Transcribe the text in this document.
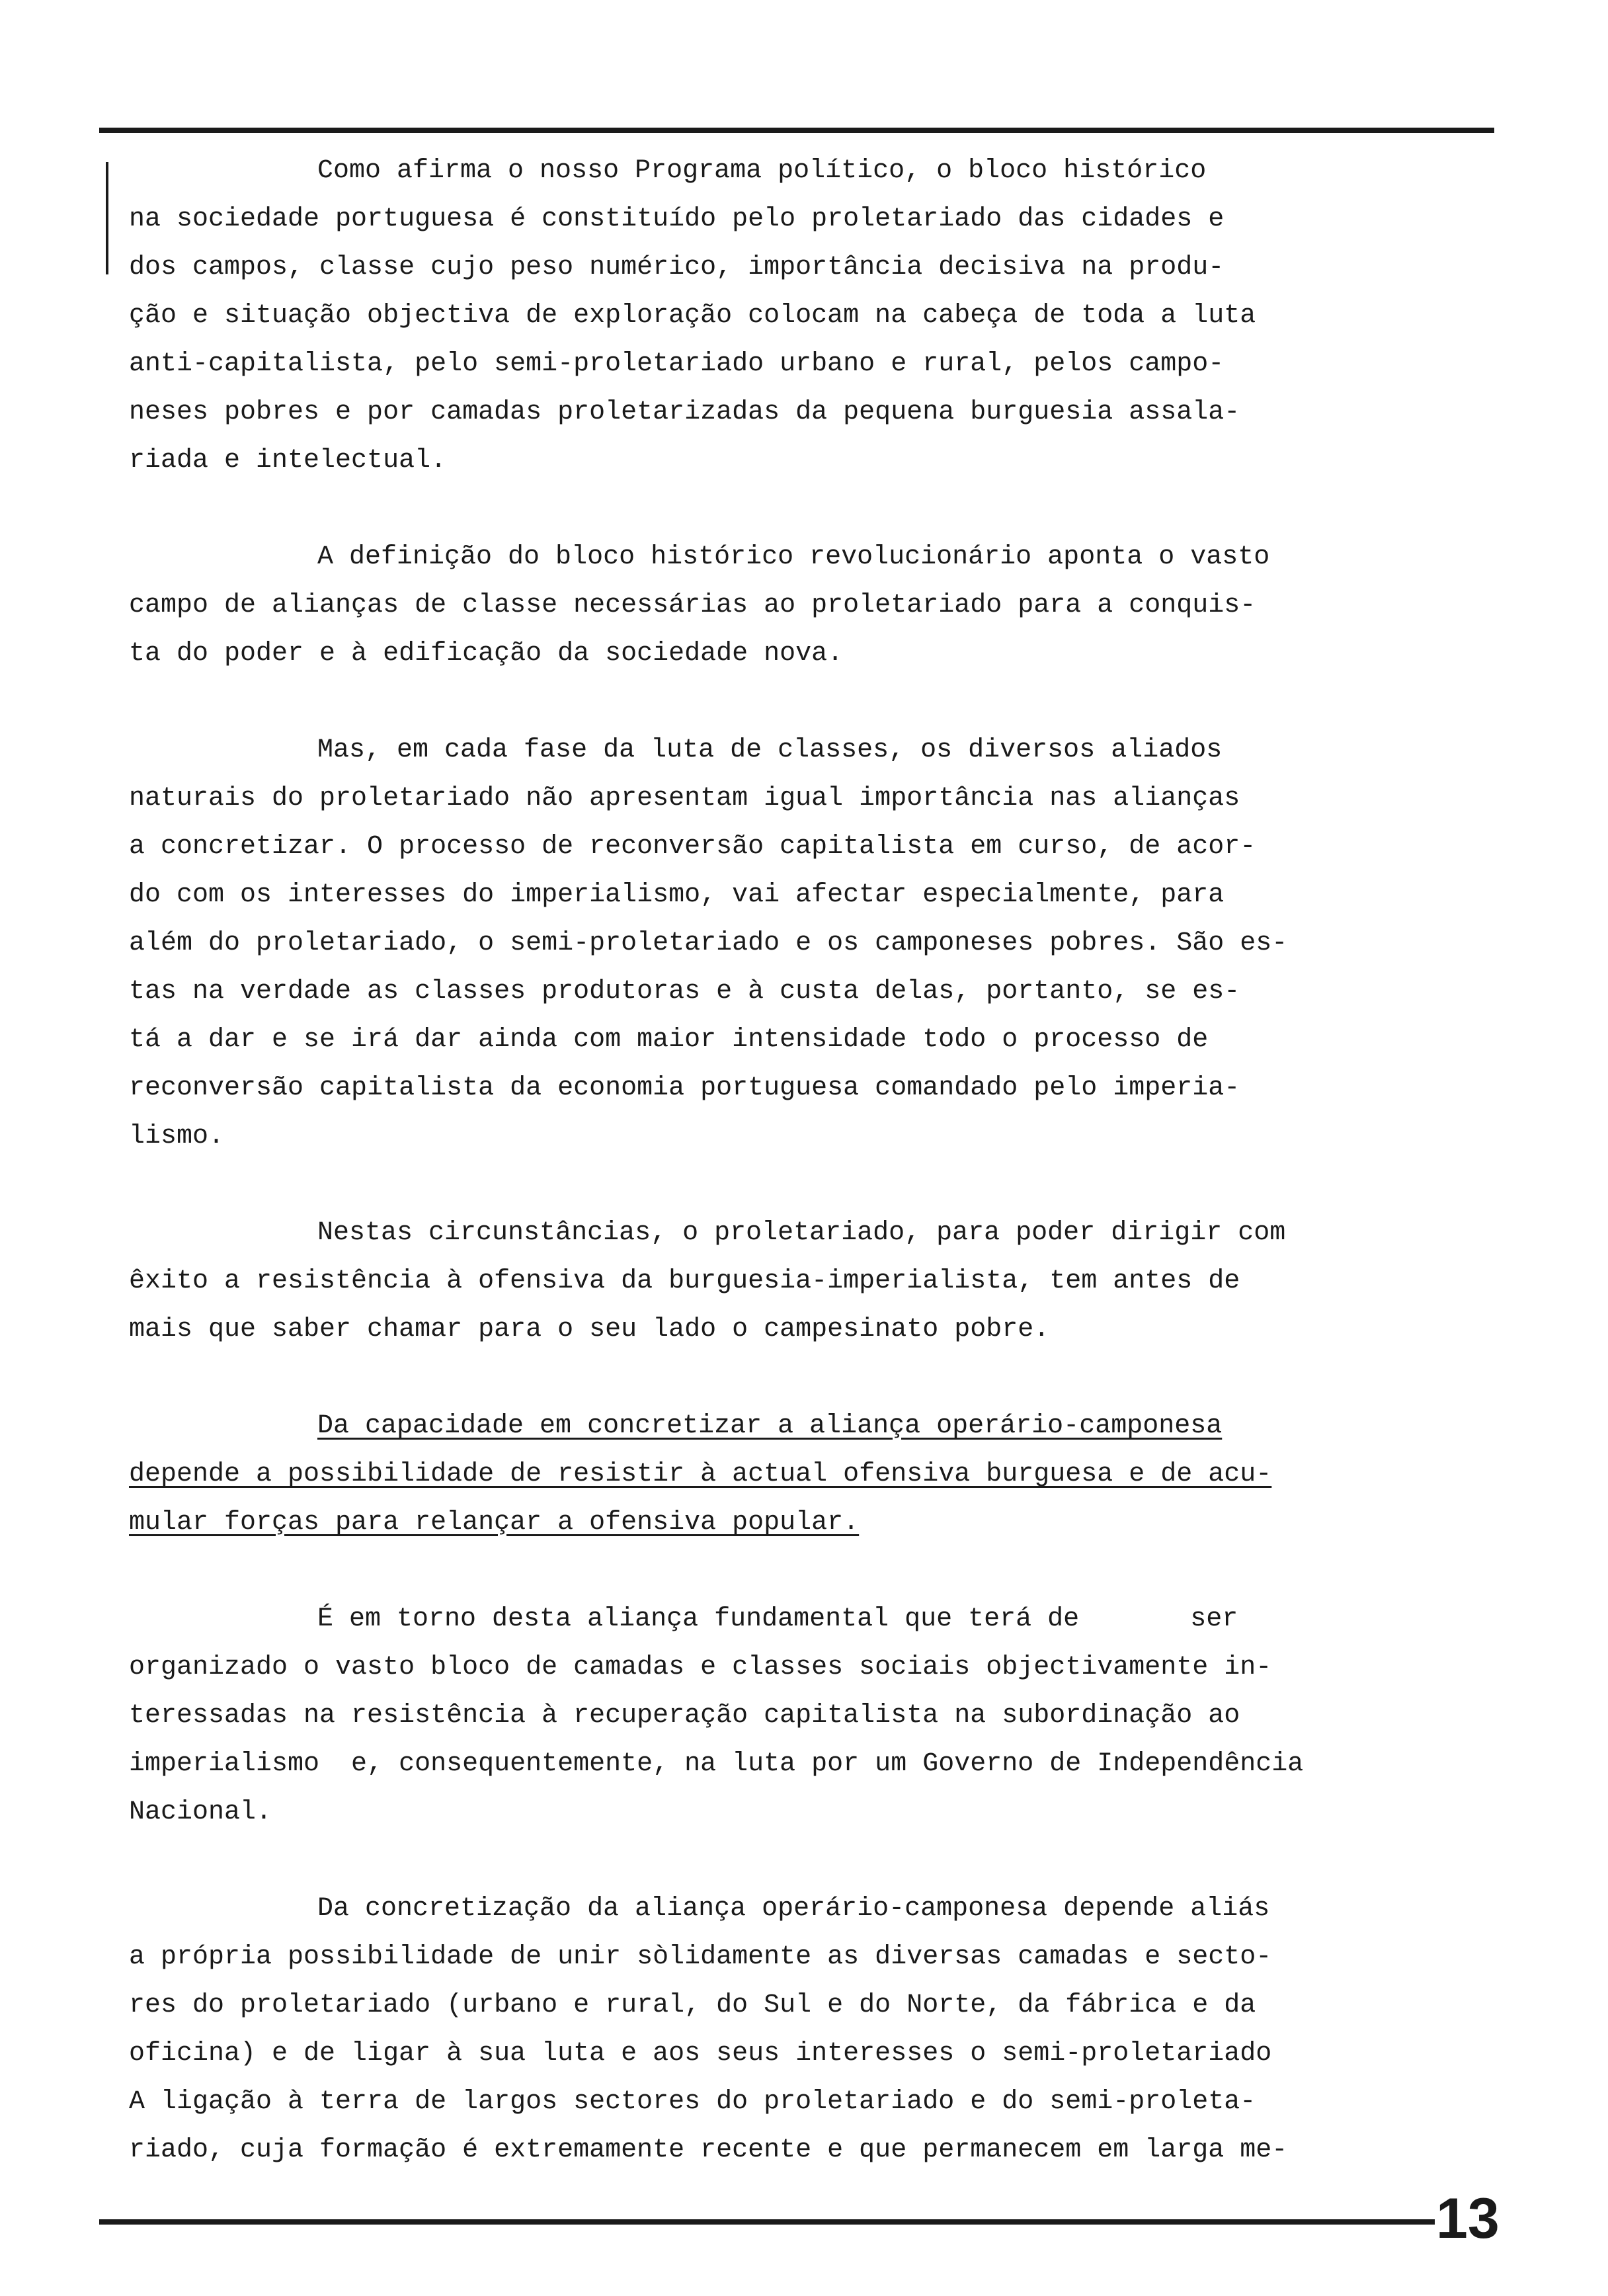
Como afirma o nosso Programa político, o bloco histórico
na sociedade portuguesa é constituído pelo proletariado das cidades e
dos campos, classe cujo peso numérico, importância decisiva na produ-
ção e situação objectiva de exploração colocam na cabeça de toda a luta
anti-capitalista, pelo semi-proletariado urbano e rural, pelos campo-
neses pobres e por camadas proletarizadas da pequena burguesia assala-
riada e intelectual.
A definição do bloco histórico revolucionário aponta o vasto
campo de alianças de classe necessárias ao proletariado para a conquis-
ta do poder e à edificação da sociedade nova.
Mas, em cada fase da luta de classes, os diversos aliados
naturais do proletariado não apresentam igual importância nas alianças
a concretizar. O processo de reconversão capitalista em curso, de acor-
do com os interesses do imperialismo, vai afectar especialmente, para
além do proletariado, o semi-proletariado e os camponeses pobres. São es-
tas na verdade as classes produtoras e à custa delas, portanto, se es-
tá a dar e se irá dar ainda com maior intensidade todo o processo de
reconversão capitalista da economia portuguesa comandado pelo imperia-
lismo.
Nestas circunstâncias, o proletariado, para poder dirigir com
êxito a resistência à ofensiva da burguesia-imperialista, tem antes de
mais que saber chamar para o seu lado o campesinato pobre.
Da capacidade em concretizar a aliança operário-camponesa
depende a possibilidade de resistir à actual ofensiva burguesa e de acu-
mular forças para relançar a ofensiva popular.
É em torno desta aliança fundamental que terá de       ser
organizado o vasto bloco de camadas e classes sociais objectivamente in-
teressadas na resistência à recuperação capitalista na subordinação ao
imperialismo  e, consequentemente, na luta por um Governo de Independência
Nacional.
Da concretização da aliança operário-camponesa depende aliás
a própria possibilidade de unir sòlidamente as diversas camadas e secto-
res do proletariado (urbano e rural, do Sul e do Norte, da fábrica e da
oficina) e de ligar à sua luta e aos seus interesses o semi-proletariado
A ligação à terra de largos sectores do proletariado e do semi-proleta-
riado, cuja formação é extremamente recente e que permanecem em larga me-
13
